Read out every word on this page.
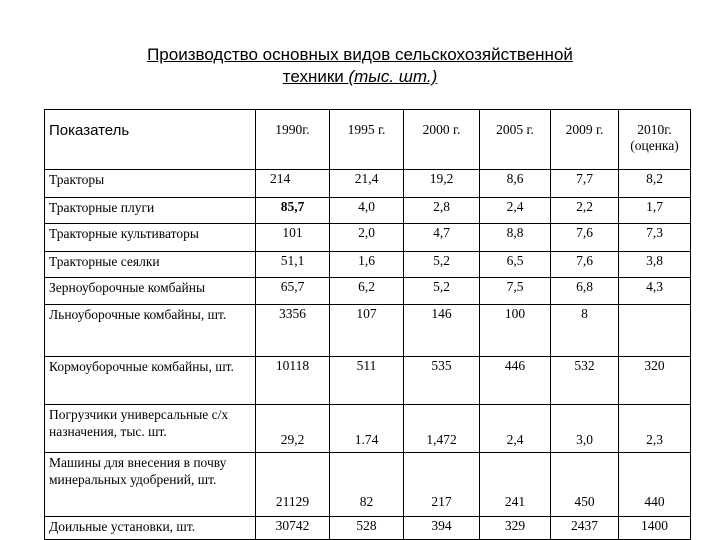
Производство основных видов сельскохозяйственной
техники (тыс. шт.)
Показатель	1990г.	1995 г.	2000 г.	2005 г.	2009 г.	2010г.
(оценка)
Тракторы	214	21,4	19,2	8,6	7,7	8,2
Тракторные плуги	85,7	4,0	2,8	2,4	2,2	1,7
Тракторные культиваторы	101	2,0	4,7	8,8	7,6	7,3
Тракторные сеялки	51,1	1,6	5,2	6,5	7,6	3,8
Зерноуборочные комбайны	65,7	6,2	5,2	7,5	6,8	4,3
Льноуборочные комбайны, шт.	3356	107	146	100	8	
Кормоуборочные комбайны, шт.	10118	511	535	446	532	320
Погрузчики универсальные с/х назначения, тыс. шт.	29,2	1.74	1,472	2,4	3,0	2,3
Машины для внесения в почву минеральных удобрений, шт.	21129	82	217	241	450	440
Доильные установки, шт.	30742	528	394	329	2437	1400
